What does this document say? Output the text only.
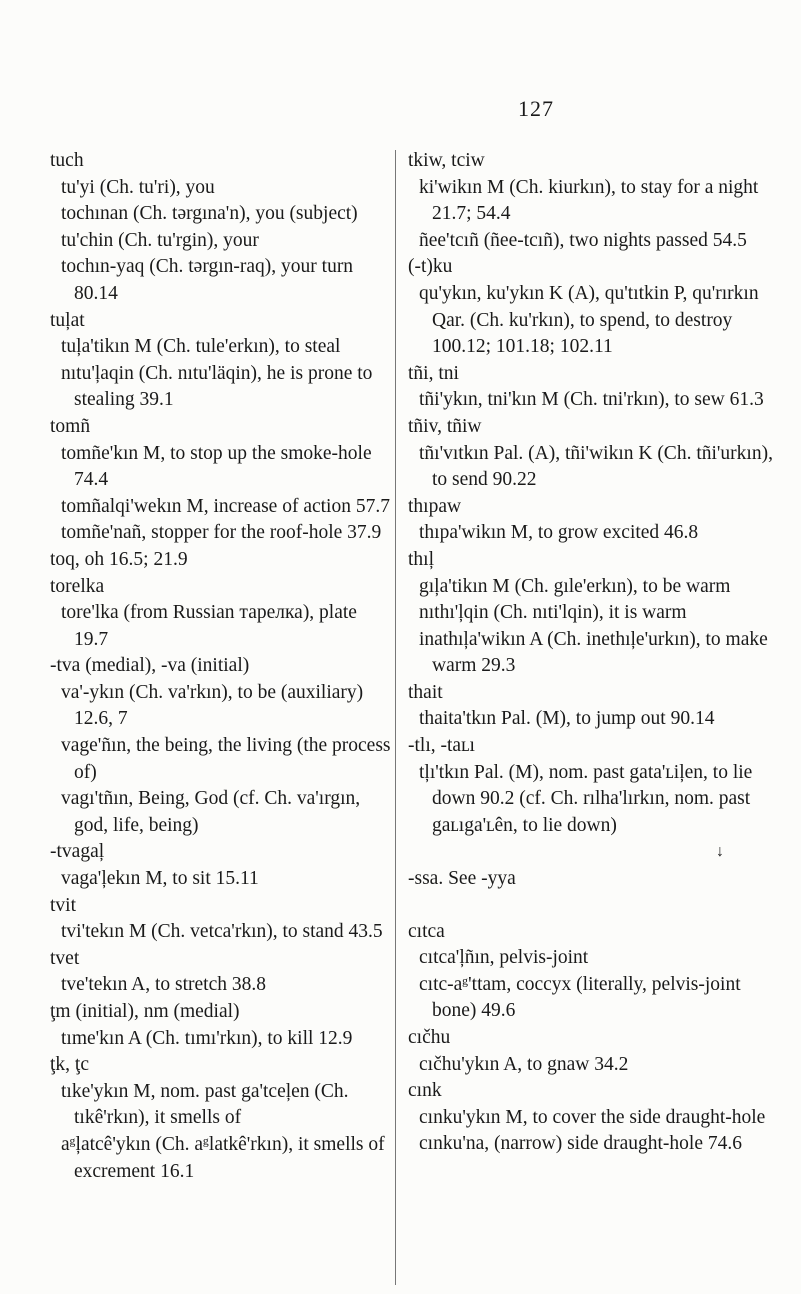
127
tuch
tu'yi (Ch. tu'ri), you
tochınan (Ch. tərgına'n), you (subject)
tu'chin (Ch. tu'rgin), your
tochın-yaq (Ch. tərgın-raq), your turn 80.14
tuļat
tuļa'tikın M (Ch. tule'erkın), to steal
nıtu'ļaqin (Ch. nıtu'läqin), he is prone to stealing 39.1
tomñ
tomñe'kın M, to stop up the smoke-hole 74.4
tomñalqi'wekın M, increase of action 57.7
tomñe'nañ, stopper for the roof-hole 37.9
toq, oh 16.5; 21.9
torelka
tore'lka (from Russian тарелка), plate 19.7
-tva (medial), -va (initial)
va'-ykın (Ch. va'rkın), to be (auxiliary) 12.6, 7
vage'ñın, the being, the living (the process of)
vagı'tñın, Being, God (cf. Ch. va'ırgın, god, life, being)
-tvagaļ
vaga'ļekın M, to sit 15.11
tvit
tvi'tekın M (Ch. vetca'rkın), to stand 43.5
tvet
tve'tekın A, to stretch 38.8
ţm (initial), nm (medial)
tıme'kın A (Ch. tımı'rkın), to kill 12.9
ţk, ţc
tıke'ykın M, nom. past ga'tceļen (Ch. tıkê'rkın), it smells of
aᵍļatcê'ykın (Ch. aᵍlatkê'rkın), it smells of excrement 16.1
tkiw, tciw
ki'wikın M (Ch. kiurkın), to stay for a night 21.7; 54.4
ñee'tcıñ (ñee-tcıñ), two nights passed 54.5
(-t)ku
qu'ykın, ku'ykın K (A), qu'tıtkin P, qu'rırkın Qar. (Ch. ku'rkın), to spend, to destroy 100.12; 101.18; 102.11
tñi, tni
tñi'ykın, tni'kın M (Ch. tni'rkın), to sew 61.3
tñiv, tñiw
tñı'vıtkın Pal. (A), tñi'wikın K (Ch. tñi'urkın), to send 90.22
thıpaw
thıpa'wikın M, to grow excited 46.8
thıļ
gıļa'tikın M (Ch. gıle'erkın), to be warm
nıthı'ļqin (Ch. nıti'lqin), it is warm
inathıļa'wikın A (Ch. inethıļe'urkın), to make warm 29.3
thait
thaita'tkın Pal. (M), to jump out 90.14
-tlı, -taʟı
tļı'tkın Pal. (M), nom. past gata'ʟiļen, to lie down 90.2 (cf. Ch. rılha'lırkın, nom. past gaʟıga'ʟên, to lie down)
↓
-ssa. See -yya
cıtca
cıtca'ļñın, pelvis-joint
cıtc-aᵍ'ttam, coccyx (literally, pelvis-joint bone) 49.6
cıčhu
cıčhu'ykın A, to gnaw 34.2
cınk
cınku'ykın M, to cover the side draught-hole
cınku'na, (narrow) side draught-hole 74.6
